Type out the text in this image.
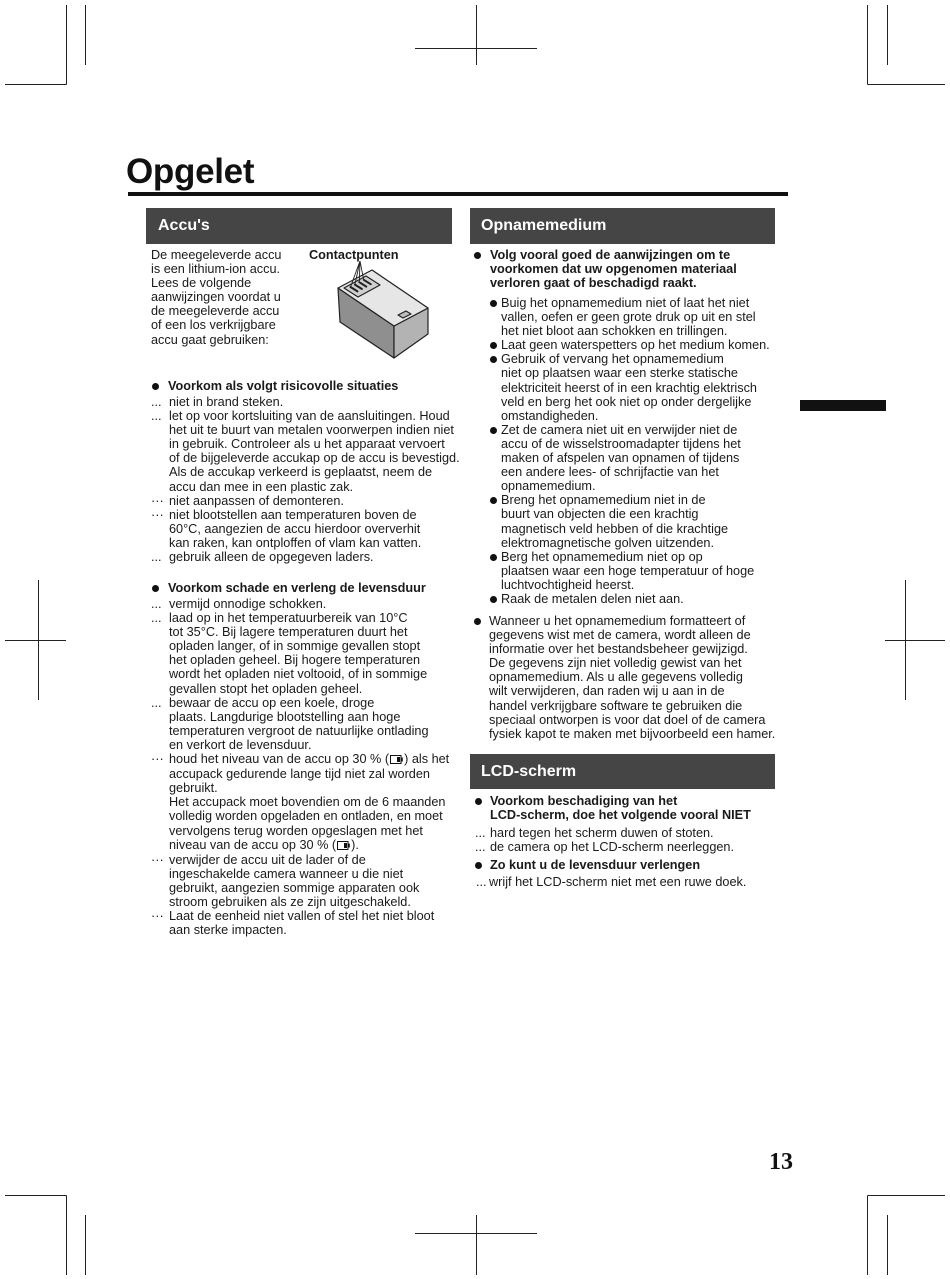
Opgelet
Accu's
De meegeleverde accu
is een lithium-ion accu.
Lees de volgende
aanwijzingen voordat u
de meegeleverde accu
of een los verkrijgbare
accu gaat gebruiken:
Contactpunten
Voorkom als volgt risicovolle situaties
... niet in brand steken.
... let op voor kortsluiting van de aansluitingen. Houd
het uit te buurt van metalen voorwerpen indien niet
in gebruik. Controleer als u het apparaat vervoert
of de bijgeleverde accukap op de accu is bevestigd.
Als de accukap verkeerd is geplaatst, neem de
accu dan mee in een plastic zak.
··· niet aanpassen of demonteren.
··· niet blootstellen aan temperaturen boven de
60°C, aangezien de accu hierdoor oververhit
kan raken, kan ontploffen of vlam kan vatten.
... gebruik alleen de opgegeven laders.
Voorkom schade en verleng de levensduur
... vermijd onnodige schokken.
... laad op in het temperatuurbereik van 10°C
tot 35°C. Bij lagere temperaturen duurt het
opladen langer, of in sommige gevallen stopt
het opladen geheel. Bij hogere temperaturen
wordt het opladen niet voltooid, of in sommige
gevallen stopt het opladen geheel.
... bewaar de accu op een koele, droge
plaats. Langdurige blootstelling aan hoge
temperaturen vergroot de natuurlijke ontlading
en verkort de levensduur.
··· houd het niveau van de accu op 30 % ( ) als het
accupack gedurende lange tijd niet zal worden
gebruikt.
Het accupack moet bovendien om de 6 maanden
volledig worden opgeladen en ontladen, en moet
vervolgens terug worden opgeslagen met het
niveau van de accu op 30 % ( ).
··· verwijder de accu uit de lader of de
ingeschakelde camera wanneer u die niet
gebruikt, aangezien sommige apparaten ook
stroom gebruiken als ze zijn uitgeschakeld.
··· Laat de eenheid niet vallen of stel het niet bloot
aan sterke impacten.
Opnamemedium
Volg vooral goed de aanwijzingen om te
voorkomen dat uw opgenomen materiaal
verloren gaat of beschadigd raakt.
Buig het opnamemedium niet of laat het niet
vallen, oefen er geen grote druk op uit en stel
het niet bloot aan schokken en trillingen.
Laat geen waterspetters op het medium komen.
Gebruik of vervang het opnamemedium
niet op plaatsen waar een sterke statische
elektriciteit heerst of in een krachtig elektrisch
veld en berg het ook niet op onder dergelijke
omstandigheden.
Zet de camera niet uit en verwijder niet de
accu of de wisselstroomadapter tijdens het
maken of afspelen van opnamen of tijdens
een andere lees- of schrijfactie van het
opnamemedium.
Breng het opnamemedium niet in de
buurt van objecten die een krachtig
magnetisch veld hebben of die krachtige
elektromagnetische golven uitzenden.
Berg het opnamemedium niet op op
plaatsen waar een hoge temperatuur of hoge
luchtvochtigheid heerst.
Raak de metalen delen niet aan.
Wanneer u het opnamemedium formatteert of
gegevens wist met de camera, wordt alleen de
informatie over het bestandsbeheer gewijzigd.
De gegevens zijn niet volledig gewist van het
opnamemedium. Als u alle gegevens volledig
wilt verwijderen, dan raden wij u aan in de
handel verkrijgbare software te gebruiken die
speciaal ontworpen is voor dat doel of de camera
fysiek kapot te maken met bijvoorbeeld een hamer.
LCD-scherm
Voorkom beschadiging van het
LCD-scherm, doe het volgende vooral NIET
... hard tegen het scherm duwen of stoten.
... de camera op het LCD-scherm neerleggen.
Zo kunt u de levensduur verlengen
... wrijf het LCD-scherm niet met een ruwe doek.
13
